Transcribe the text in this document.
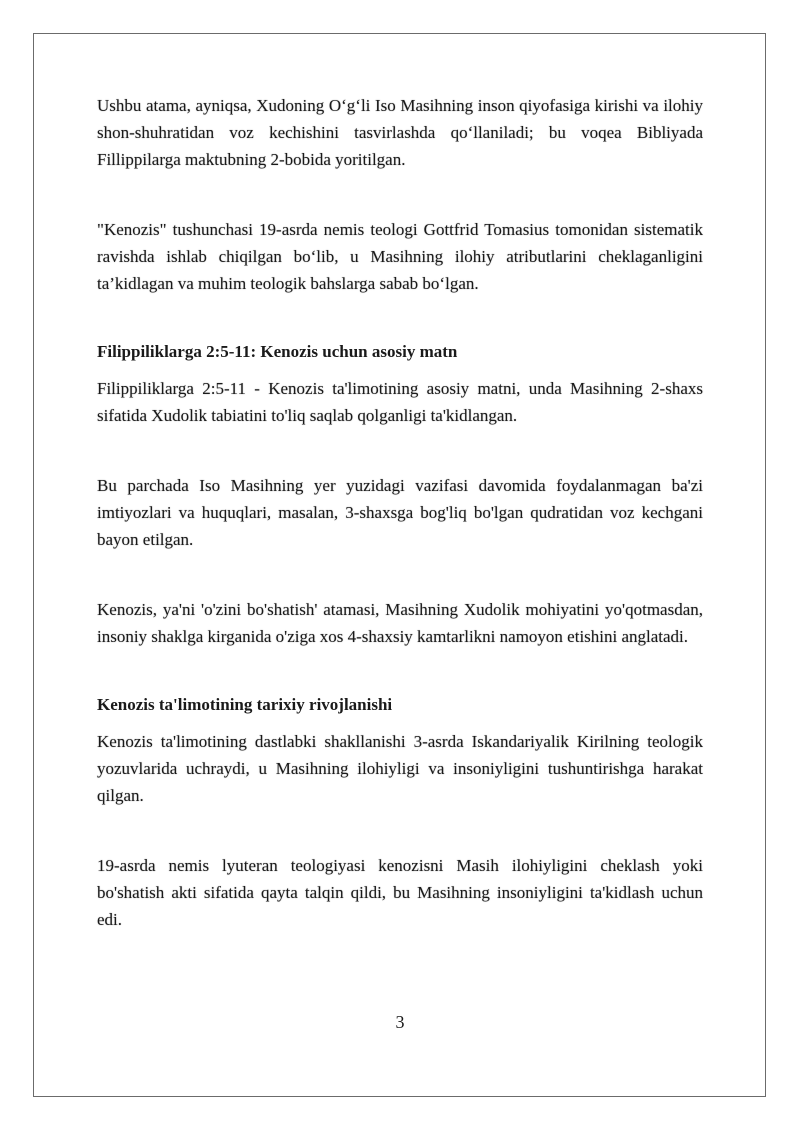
Ushbu atama, ayniqsa, Xudoning O‘g‘li Iso Masihning inson qiyofasiga kirishi va ilohiy shon-shuhratidan voz kechishini tasvirlashda qo‘llaniladi; bu voqea Bibliyada Fillippilarga maktubning 2-bobida yoritilgan.

"Kenozis" tushunchasi 19-asrda nemis teologi Gottfrid Tomasius tomonidan sistematik ravishda ishlab chiqilgan bo‘lib, u Masihning ilohiy atributlarini cheklaganligini ta’kidlagan va muhim teologik bahslarga sabab bo‘lgan.

Filippiliklarga 2:5-11: Kenozis uchun asosiy matn

Filippiliklarga 2:5-11 - Kenozis ta'limotining asosiy matni, unda Masihning 2-shaxs sifatida Xudolik tabiatini to'liq saqlab qolganligi ta'kidlangan.

Bu parchada Iso Masihning yer yuzidagi vazifasi davomida foydalanmagan ba'zi imtiyozlari va huquqlari, masalan, 3-shaxsga bog'liq bo'lgan qudratidan voz kechgani bayon etilgan.

Kenozis, ya'ni 'o'zini bo'shatish' atamasi, Masihning Xudolik mohiyatini yo'qotmasdan, insoniy shaklga kirganida o'ziga xos 4-shaxsiy kamtarlikni namoyon etishini anglatadi.

Kenozis ta'limotining tarixiy rivojlanishi

Kenozis ta'limotining dastlabki shakllanishi 3-asrda Iskandariyalik Kirilning teologik yozuvlarida uchraydi, u Masihning ilohiyligi va insoniyligini tushuntirishga harakat qilgan.

19-asrda nemis lyuteran teologiyasi kenozisni Masih ilohiyligini cheklash yoki bo'shatish akti sifatida qayta talqin qildi, bu Masihning insoniyligini ta'kidlash uchun edi.

3
